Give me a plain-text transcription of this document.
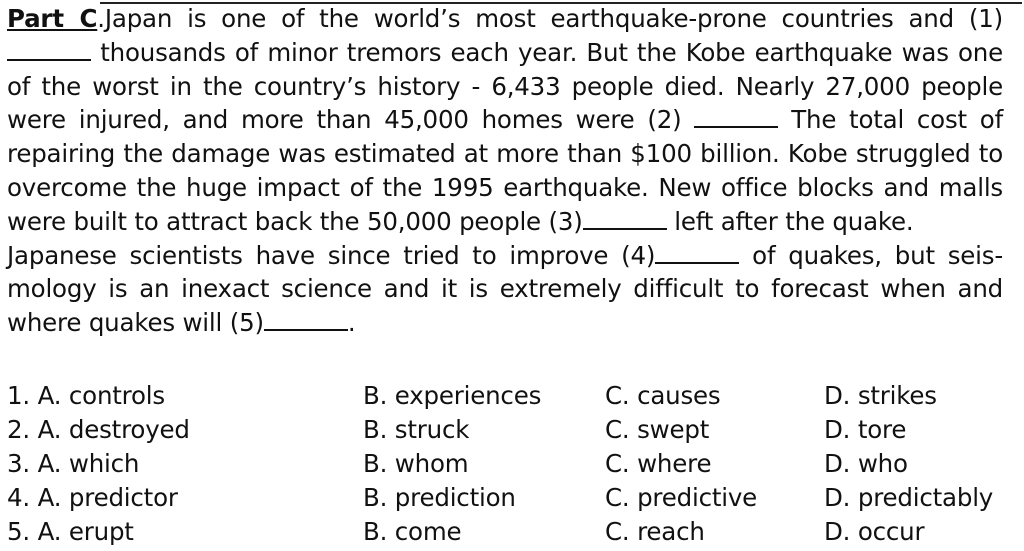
Part C.Japan is one of the world’s most earthquake-prone countries and (1)  thousands of minor tremors each year. But the Kobe earthquake was one of the worst in the country’s history - 6,433 people died. Nearly 27,000 people were injured, and more than 45,000 homes were (2)	The total cost of repairing the damage was estimated at more than $100 billion. Kobe struggled to overcome the huge impact of the 1995 earthquake. New office blocks and malls were built to attract back the 50,000 people (3)	left after the quake.

Japanese scientists have since tried to improve (4)	of quakes, but seis-mology is an inexact science and it is extremely difficult to forecast when and where quakes will (5)	.

1. A. controls	B. experiences	C. causes	D. strikes
2. A. destroyed	B. struck	C. swept	D. tore
3. A. which	B. whom	C. where	D. who
4. A. predictor	B. prediction	C. predictive	D. predictably
5. A. erupt	B. come	C. reach	D. occur
